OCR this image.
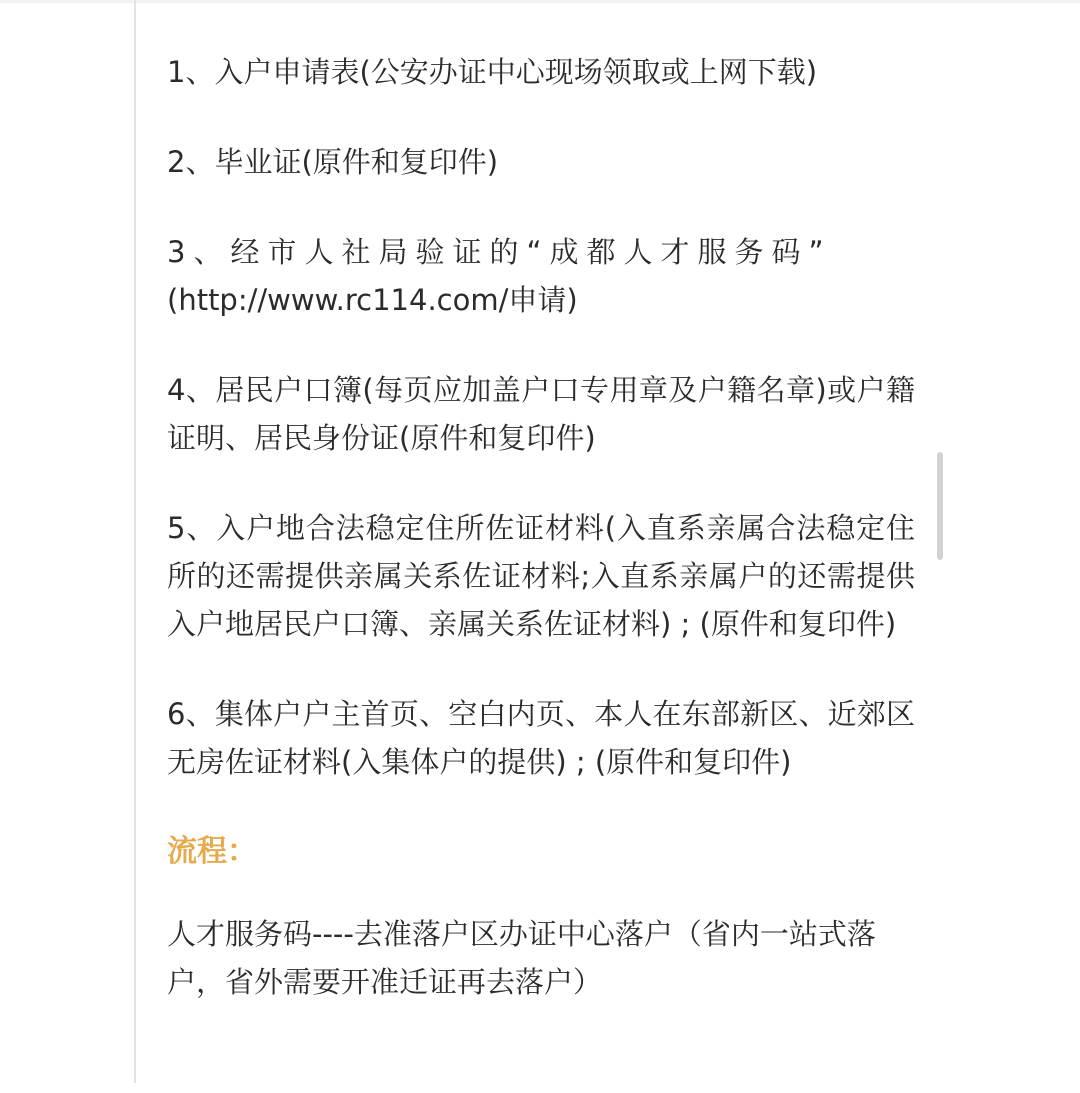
1、入户申请表(公安办证中心现场领取或上网下载)

2、毕业证(原件和复印件)

3、经市人社局验证的“成都人才服务码”
(http://www.rc114.com/申请)

4、居民户口簿(每页应加盖户口专用章及户籍名章)或户籍证明、居民身份证(原件和复印件)

5、入户地合法稳定住所佐证材料(入直系亲属合法稳定住所的还需提供亲属关系佐证材料;入直系亲属户的还需提供入户地居民户口簿、亲属关系佐证材料) ; (原件和复印件)

6、集体户户主首页、空白内页、本人在东部新区、近郊区无房佐证材料(入集体户的提供) ; (原件和复印件)

流程：

人才服务码----去准落户区办证中心落户（省内一站式落户，省外需要开准迁证再去落户）
